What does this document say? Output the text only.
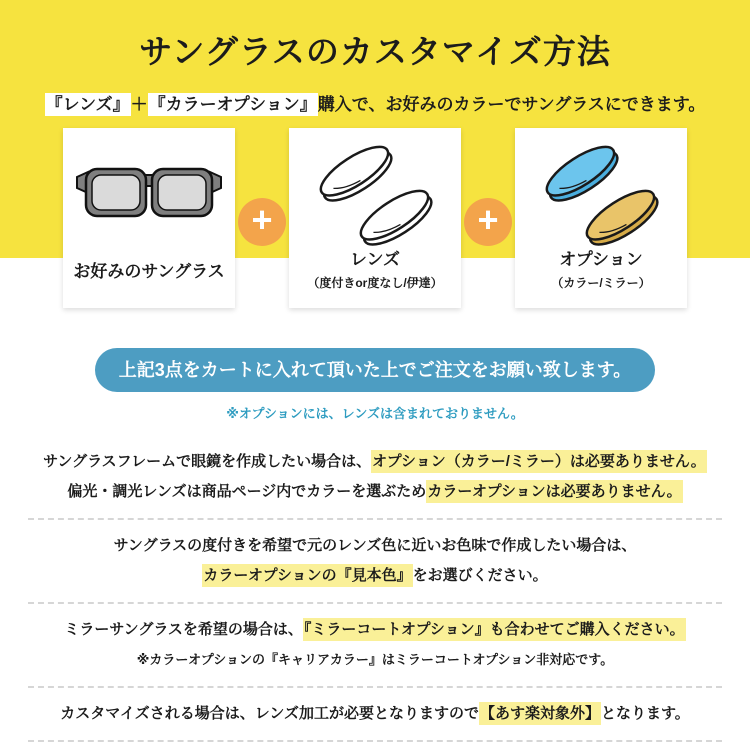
サングラスのカスタマイズ方法
『レンズ』＋『カラーオプション』購入で、お好みのカラーでサングラスにできます。
お好みのサングラス
+
レンズ
（度付きor度なし/伊達）
+
オプション
（カラー/ミラー）
上記3点をカートに入れて頂いた上でご注文をお願い致します。
※オプションには、レンズは含まれておりません。
サングラスフレームで眼鏡を作成したい場合は、オプション（カラー/ミラー）は必要ありません。
偏光・調光レンズは商品ページ内でカラーを選ぶためカラーオプションは必要ありません。
サングラスの度付きを希望で元のレンズ色に近いお色味で作成したい場合は、
カラーオプションの『見本色』をお選びください。
ミラーサングラスを希望の場合は、『ミラーコートオプション』も合わせてご購入ください。
※カラーオプションの『キャリアカラー』はミラーコートオプション非対応です。
カスタマイズされる場合は、レンズ加工が必要となりますので【あす楽対象外】となります。
